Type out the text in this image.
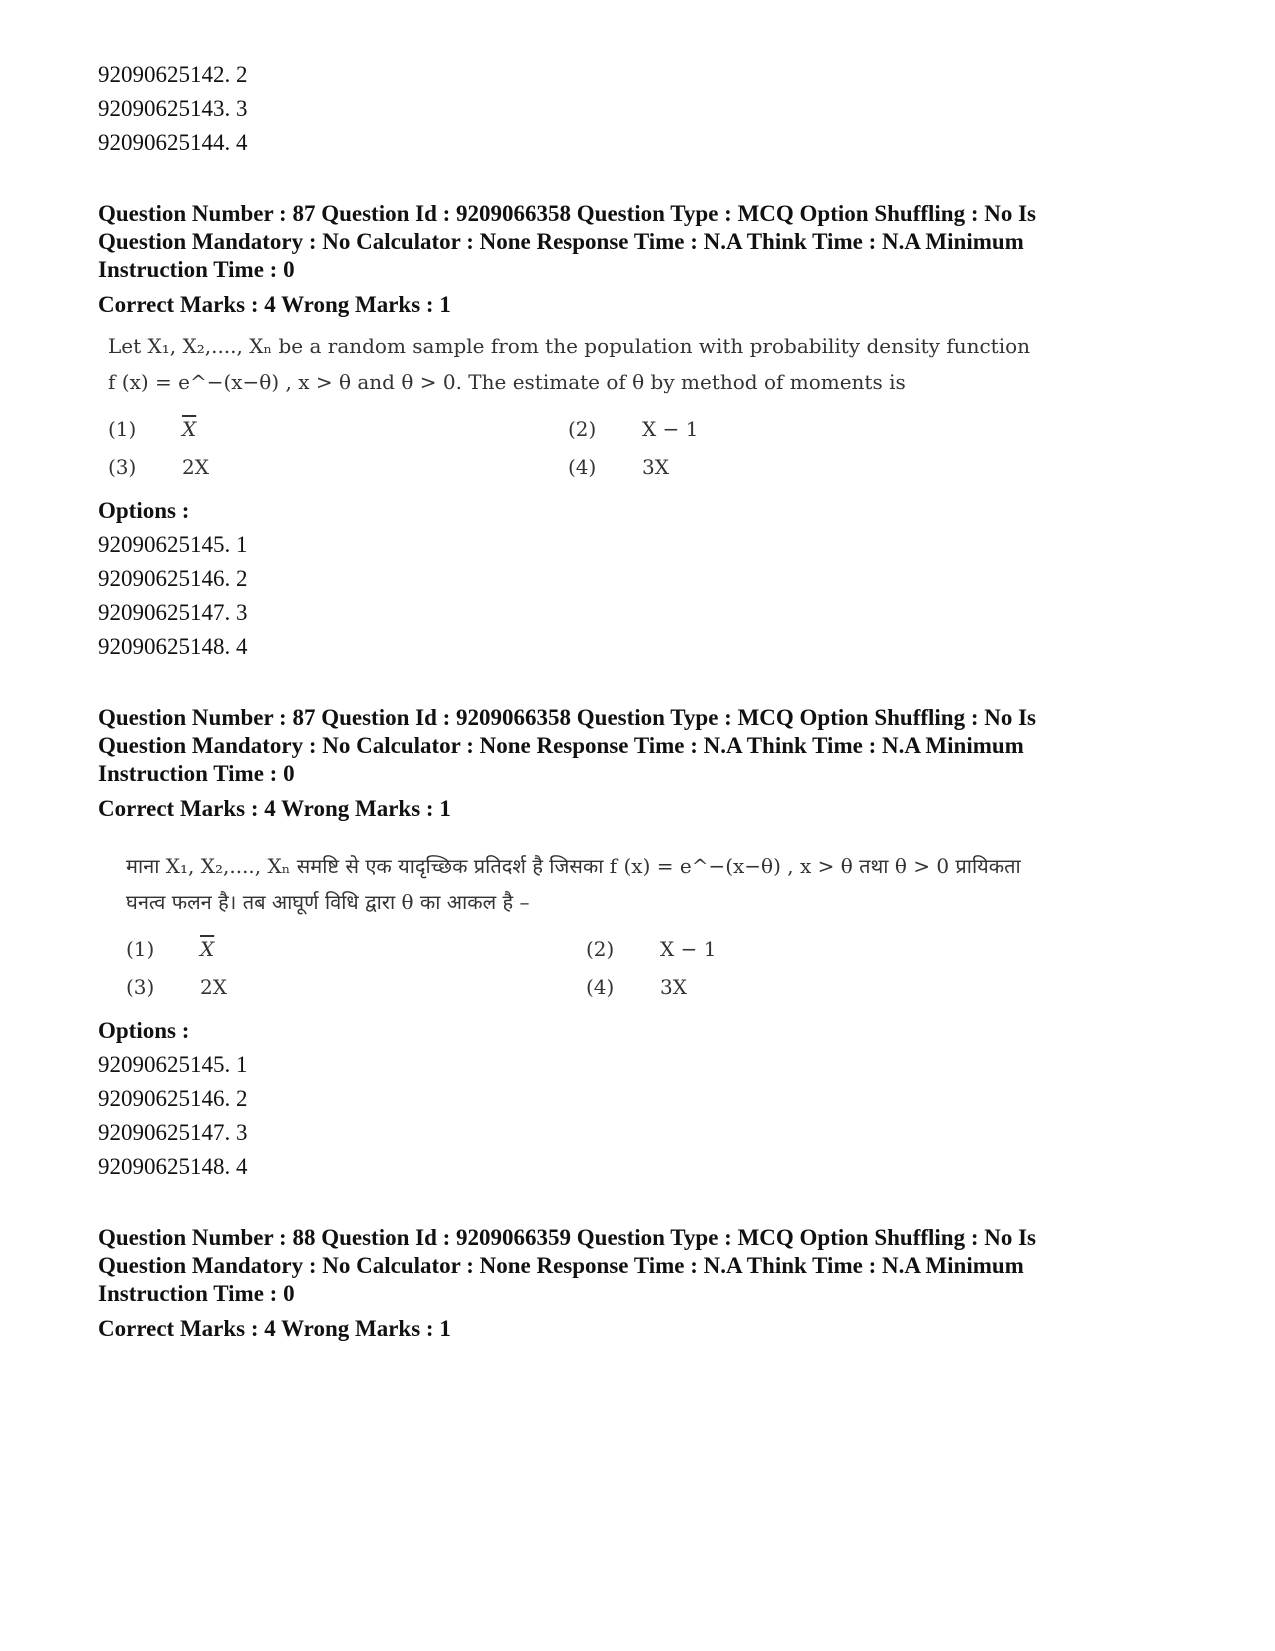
92090625142. 2
92090625143. 3
92090625144. 4
Question Number : 87 Question Id : 9209066358 Question Type : MCQ Option Shuffling : No Is
Question Mandatory : No Calculator : None Response Time : N.A Think Time : N.A Minimum
Instruction Time : 0
Correct Marks : 4 Wrong Marks : 1
Let X₁, X₂,...., Xₙ be a random sample from the population with probability density function
f (x) = e^−(x−θ) , x > θ and θ > 0. The estimate of θ by method of moments is
(1) $\overline{X}$	(2) X − 1
(3) 2X	(4) 3X
Options :
92090625145. 1
92090625146. 2
92090625147. 3
92090625148. 4
Question Number : 87 Question Id : 9209066358 Question Type : MCQ Option Shuffling : No Is
Question Mandatory : No Calculator : None Response Time : N.A Think Time : N.A Minimum
Instruction Time : 0
Correct Marks : 4 Wrong Marks : 1
माना X₁, X₂,...., Xₙ समष्टि से एक यादृच्छिक प्रतिदर्श है जिसका f (x) = e^−(x−θ) , x > θ तथा θ > 0 प्रायिकता
घनत्व फलन है। तब आघूर्ण विधि द्वारा θ का आकल है –
(1) $\overline{X}$	(2) X − 1
(3) 2X	(4) 3X
Options :
92090625145. 1
92090625146. 2
92090625147. 3
92090625148. 4
Question Number : 88 Question Id : 9209066359 Question Type : MCQ Option Shuffling : No Is
Question Mandatory : No Calculator : None Response Time : N.A Think Time : N.A Minimum
Instruction Time : 0
Correct Marks : 4 Wrong Marks : 1
